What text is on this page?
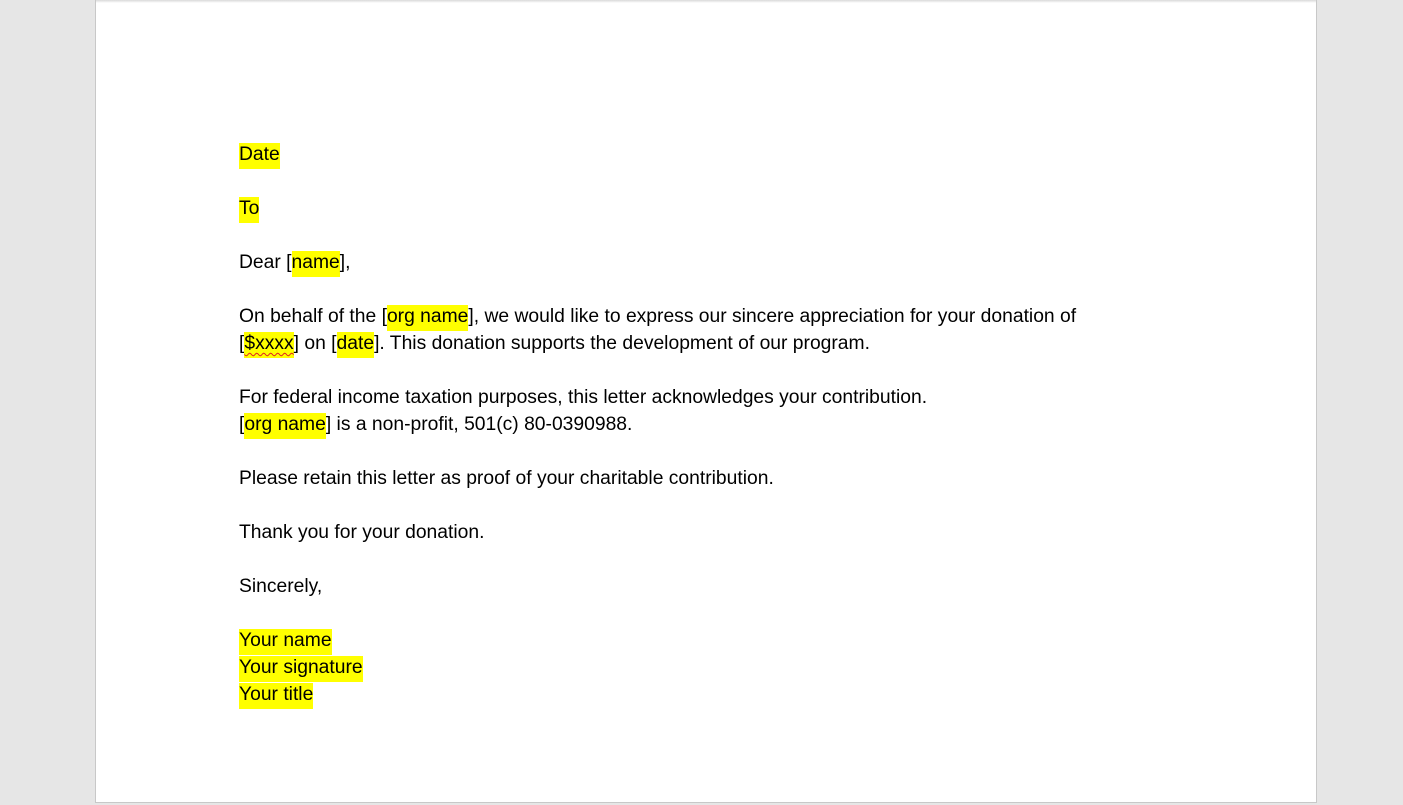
Date

To

Dear [name],

On behalf of the [org name], we would like to express our sincere appreciation for your donation of
[$xxxx] on [date]. This donation supports the development of our program.

For federal income taxation purposes, this letter acknowledges your contribution.
[org name] is a non-profit, 501(c) 80-0390988.

Please retain this letter as proof of your charitable contribution.

Thank you for your donation.

Sincerely,

Your name
Your signature
Your title
